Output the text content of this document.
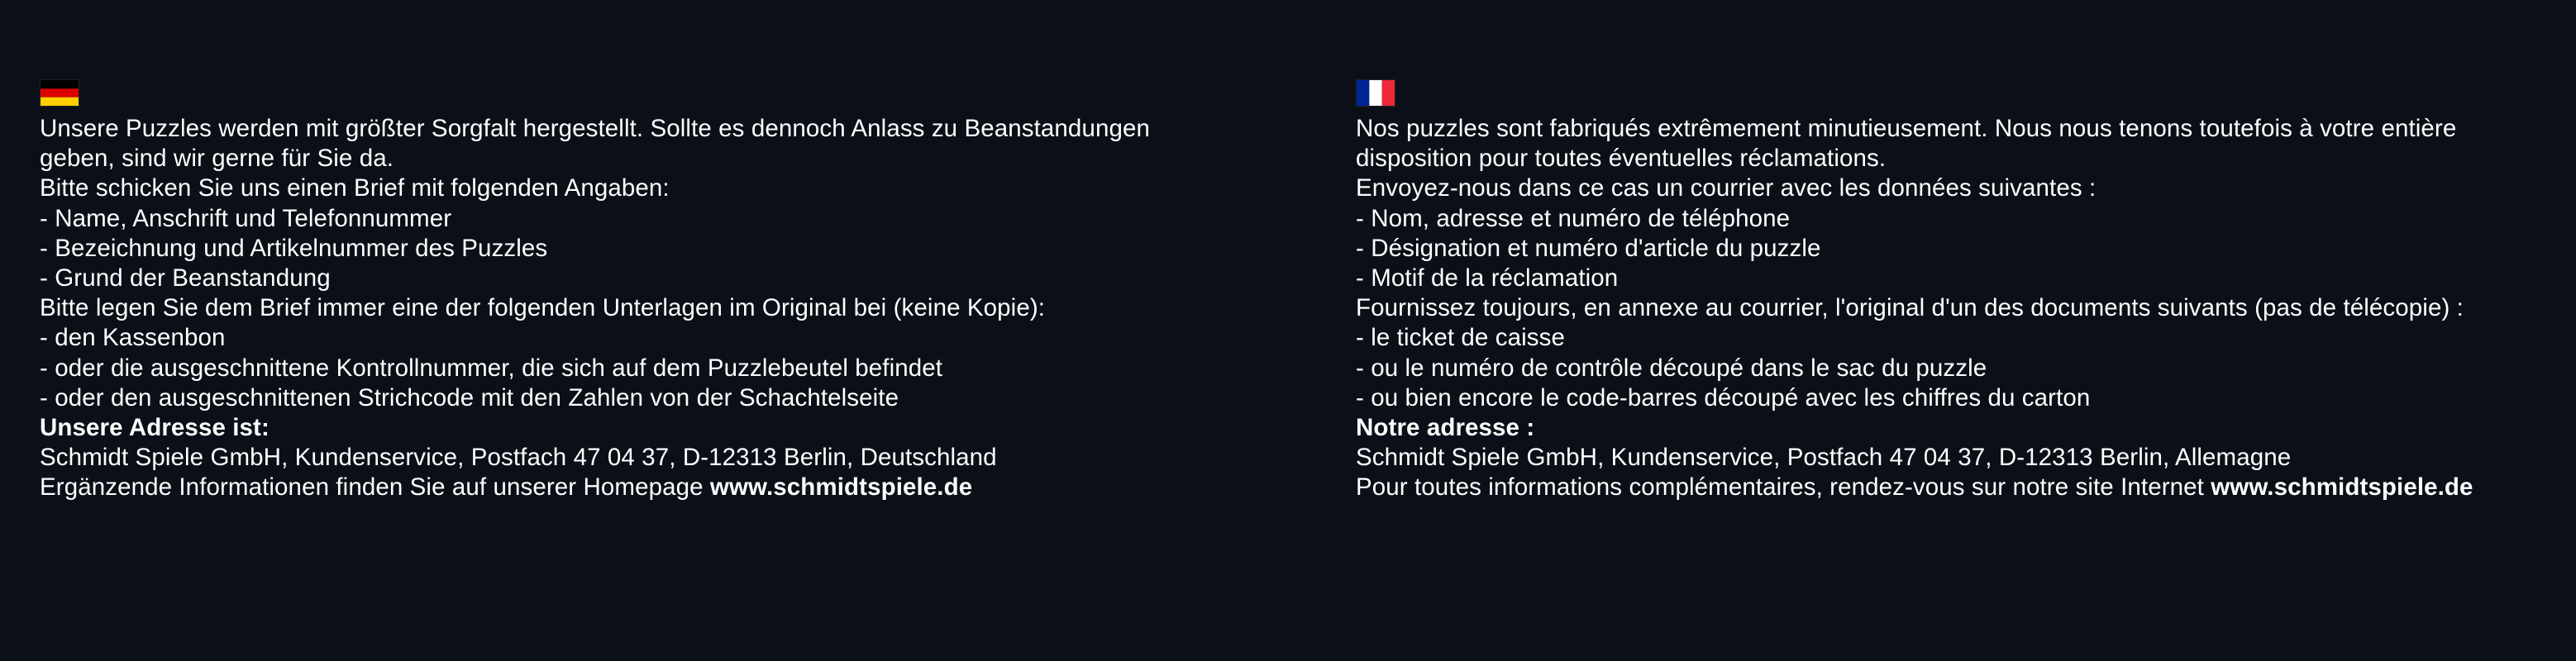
Unsere Puzzles werden mit größter Sorgfalt hergestellt. Sollte es dennoch Anlass zu Beanstandungen
geben, sind wir gerne für Sie da.
Bitte schicken Sie uns einen Brief mit folgenden Angaben:
- Name, Anschrift und Telefonnummer
- Bezeichnung und Artikelnummer des Puzzles
- Grund der Beanstandung
Bitte legen Sie dem Brief immer eine der folgenden Unterlagen im Original bei (keine Kopie):
- den Kassenbon
- oder die ausgeschnittene Kontrollnummer, die sich auf dem Puzzlebeutel befindet
- oder den ausgeschnittenen Strichcode mit den Zahlen von der Schachtelseite
Unsere Adresse ist:
Schmidt Spiele GmbH, Kundenservice, Postfach 47 04 37, D-12313 Berlin, Deutschland
Ergänzende Informationen finden Sie auf unserer Homepage www.schmidtspiele.de
Nos puzzles sont fabriqués extrêmement minutieusement. Nous nous tenons toutefois à votre entière
disposition pour toutes éventuelles réclamations.
Envoyez-nous dans ce cas un courrier avec les données suivantes :
- Nom, adresse et numéro de téléphone
- Désignation et numéro d'article du puzzle
- Motif de la réclamation
Fournissez toujours, en annexe au courrier, l'original d'un des documents suivants (pas de télécopie) :
- le ticket de caisse
- ou le numéro de contrôle découpé dans le sac du puzzle
- ou bien encore le code-barres découpé avec les chiffres du carton
Notre adresse :
Schmidt Spiele GmbH, Kundenservice, Postfach 47 04 37, D-12313 Berlin, Allemagne
Pour toutes informations complémentaires, rendez-vous sur notre site Internet www.schmidtspiele.de
